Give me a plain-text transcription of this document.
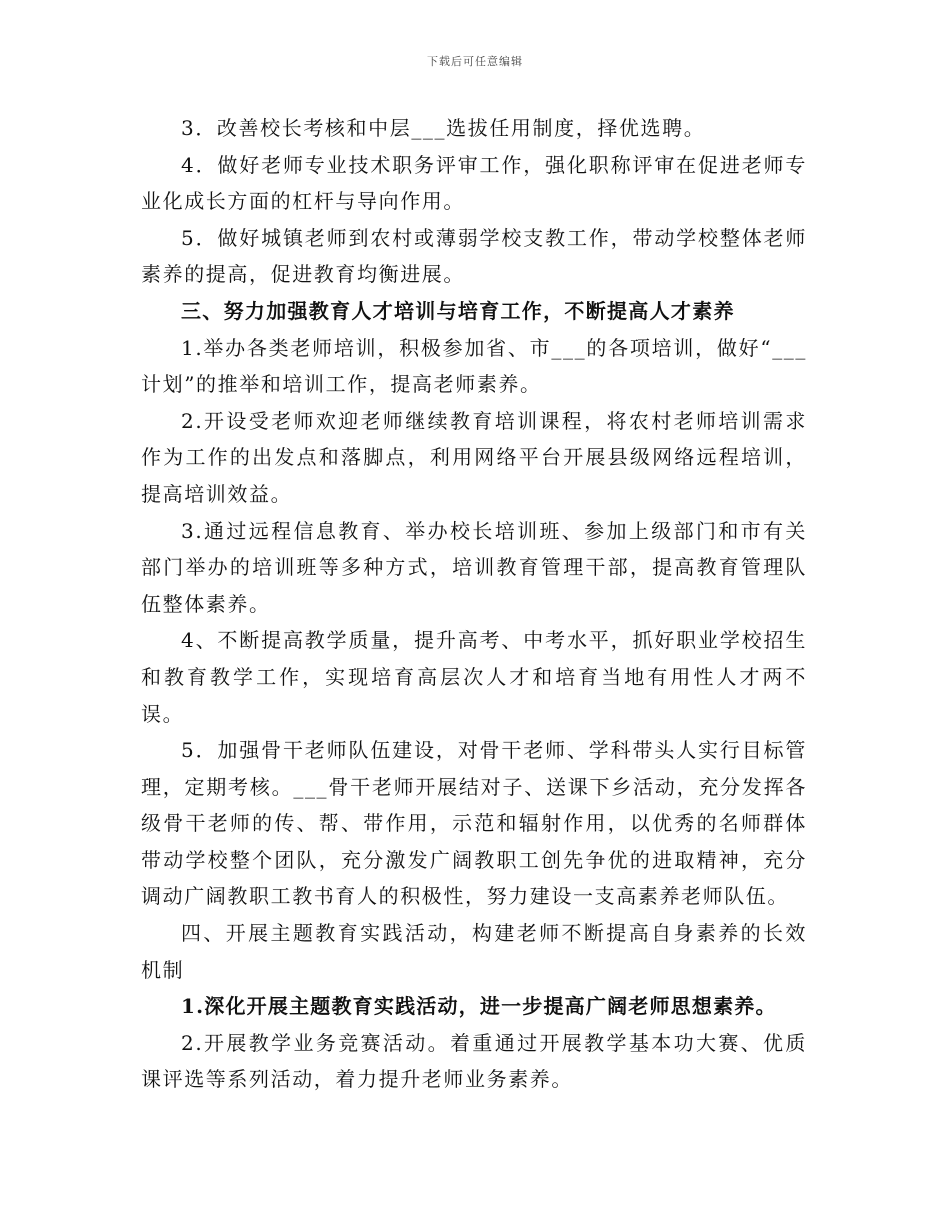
下载后可任意编辑

3．改善校长考核和中层___选拔任用制度，择优选聘。

4．做好老师专业技术职务评审工作，强化职称评审在促进老师专业化成长方面的杠杆与导向作用。

5．做好城镇老师到农村或薄弱学校支教工作，带动学校整体老师素养的提高，促进教育均衡进展。

三、努力加强教育人才培训与培育工作，不断提高人才素养

1.举办各类老师培训，积极参加省、市___的各项培训，做好“___计划”的推举和培训工作，提高老师素养。

2.开设受老师欢迎老师继续教育培训课程，将农村老师培训需求作为工作的出发点和落脚点，利用网络平台开展县级网络远程培训，提高培训效益。

3.通过远程信息教育、举办校长培训班、参加上级部门和市有关部门举办的培训班等多种方式，培训教育管理干部，提高教育管理队伍整体素养。

4、不断提高教学质量，提升高考、中考水平，抓好职业学校招生和教育教学工作，实现培育高层次人才和培育当地有用性人才两不误。

5．加强骨干老师队伍建设，对骨干老师、学科带头人实行目标管理，定期考核。___骨干老师开展结对子、送课下乡活动，充分发挥各级骨干老师的传、帮、带作用，示范和辐射作用，以优秀的名师群体带动学校整个团队，充分激发广阔教职工创先争优的进取精神，充分调动广阔教职工教书育人的积极性，努力建设一支高素养老师队伍。

四、开展主题教育实践活动，构建老师不断提高自身素养的长效机制

1.深化开展主题教育实践活动，进一步提高广阔老师思想素养。

2.开展教学业务竞赛活动。着重通过开展教学基本功大赛、优质课评选等系列活动，着力提升老师业务素养。
